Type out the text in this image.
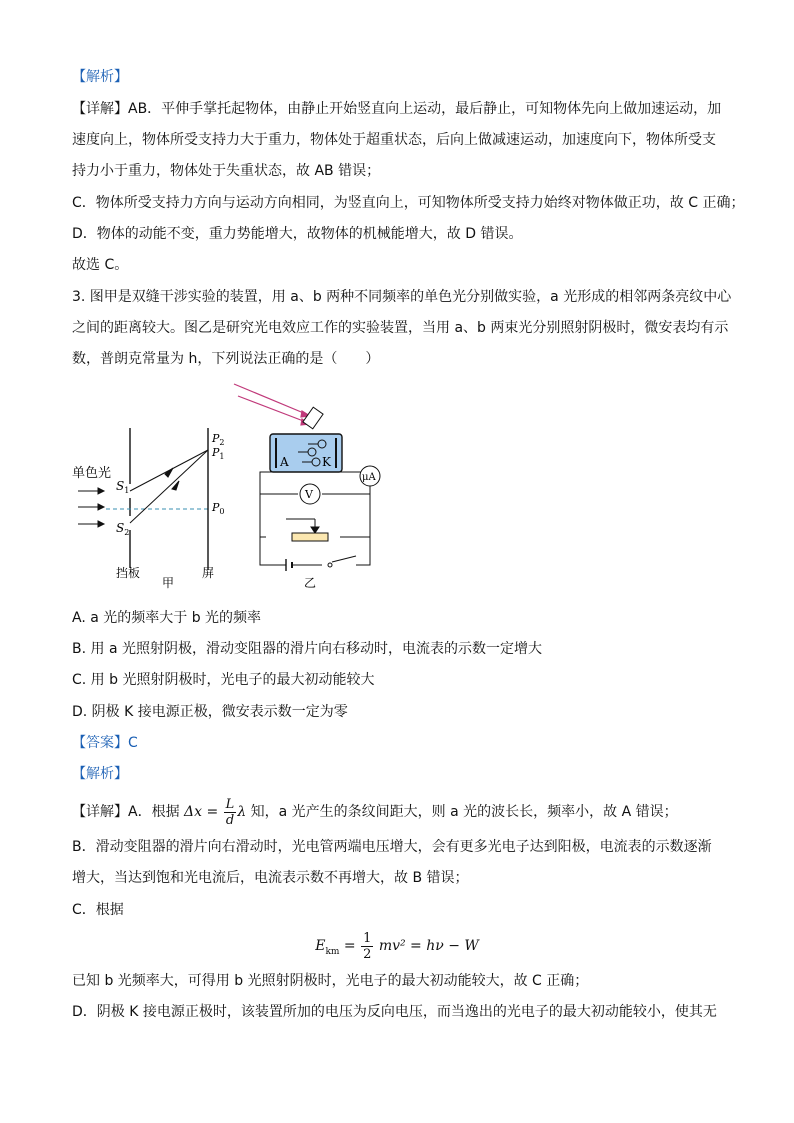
【解析】
【详解】AB．平伸手掌托起物体，由静止开始竖直向上运动，最后静止，可知物体先向上做加速运动，加
速度向上，物体所受支持力大于重力，物体处于超重状态，后向上做减速运动，加速度向下，物体所受支
持力小于重力，物体处于失重状态，故 AB 错误；
C．物体所受支持力方向与运动方向相同，为竖直向上，可知物体所受支持力始终对物体做正功，故 C 正确；
D．物体的动能不变，重力势能增大，故物体的机械能增大，故 D 错误。
故选 C。
3. 图甲是双缝干涉实验的装置，用 a、b 两种不同频率的单色光分别做实验，a 光形成的相邻两条亮纹中心
之间的距离较大。图乙是研究光电效应工作的实验装置，当用 a、b 两束光分别照射阴极时，微安表均有示
数，普朗克常量为 h，下列说法正确的是（　　）
单色光
$S_1$
$S_2$
$P_2$
$P_1$
$P_0$
挡板
甲
屏
A	K
μA
V
乙
A. a 光的频率大于 b 光的频率
B. 用 a 光照射阴极，滑动变阻器的滑片向右移动时，电流表的示数一定增大
C. 用 b 光照射阴极时，光电子的最大初动能较大
D. 阴极 K 接电源正极，微安表示数一定为零
【答案】C
【解析】
【详解】A．根据 $\Delta x = \frac{L}{d}$ λ 知，a 光产生的条纹间距大，则 a 光的波长长，频率小，故 A 错误；
B．滑动变阻器的滑片向右滑动时，光电管两端电压增大，会有更多光电子达到阳极，电流表的示数逐渐
增大，当达到饱和光电流后，电流表示数不再增大，故 B 错误；
C．根据
$E_{km} = \frac{1}{2} mv^2 = h\nu - W$
已知 b 光频率大，可得用 b 光照射阴极时，光电子的最大初动能较大，故 C 正确；
D．阴极 K 接电源正极时，该装置所加的电压为反向电压，而当逸出的光电子的最大初动能较小，使其无
